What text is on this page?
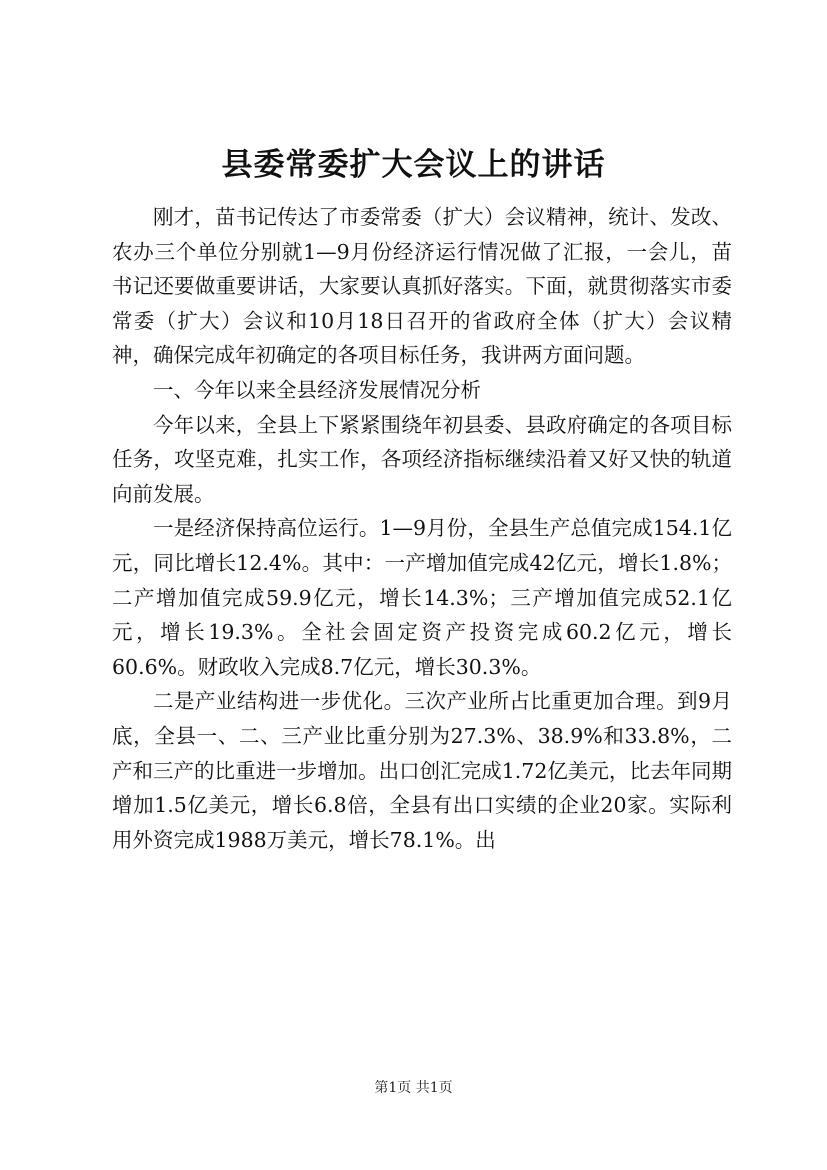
县委常委扩大会议上的讲话

刚才，苗书记传达了市委常委（扩大）会议精神，统计、发改、农办三个单位分别就1—9月份经济运行情况做了汇报，一会儿，苗书记还要做重要讲话，大家要认真抓好落实。下面，就贯彻落实市委常委（扩大）会议和10月18日召开的省政府全体（扩大）会议精神，确保完成年初确定的各项目标任务，我讲两方面问题。

一、今年以来全县经济发展情况分析

今年以来，全县上下紧紧围绕年初县委、县政府确定的各项目标任务，攻坚克难，扎实工作，各项经济指标继续沿着又好又快的轨道向前发展。

一是经济保持高位运行。1—9月份，全县生产总值完成154.1亿元，同比增长12.4%。其中：一产增加值完成42亿元，增长1.8%；二产增加值完成59.9亿元，增长14.3%；三产增加值完成52.1亿元，增长19.3%。全社会固定资产投资完成60.2亿元，增长60.6%。财政收入完成8.7亿元，增长30.3%。

二是产业结构进一步优化。三次产业所占比重更加合理。到9月底，全县一、二、三产业比重分别为27.3%、38.9%和33.8%，二产和三产的比重进一步增加。出口创汇完成1.72亿美元，比去年同期增加1.5亿美元，增长6.8倍，全县有出口实绩的企业20家。实际利用外资完成1988万美元，增长78.1%。出

第1页 共1页
